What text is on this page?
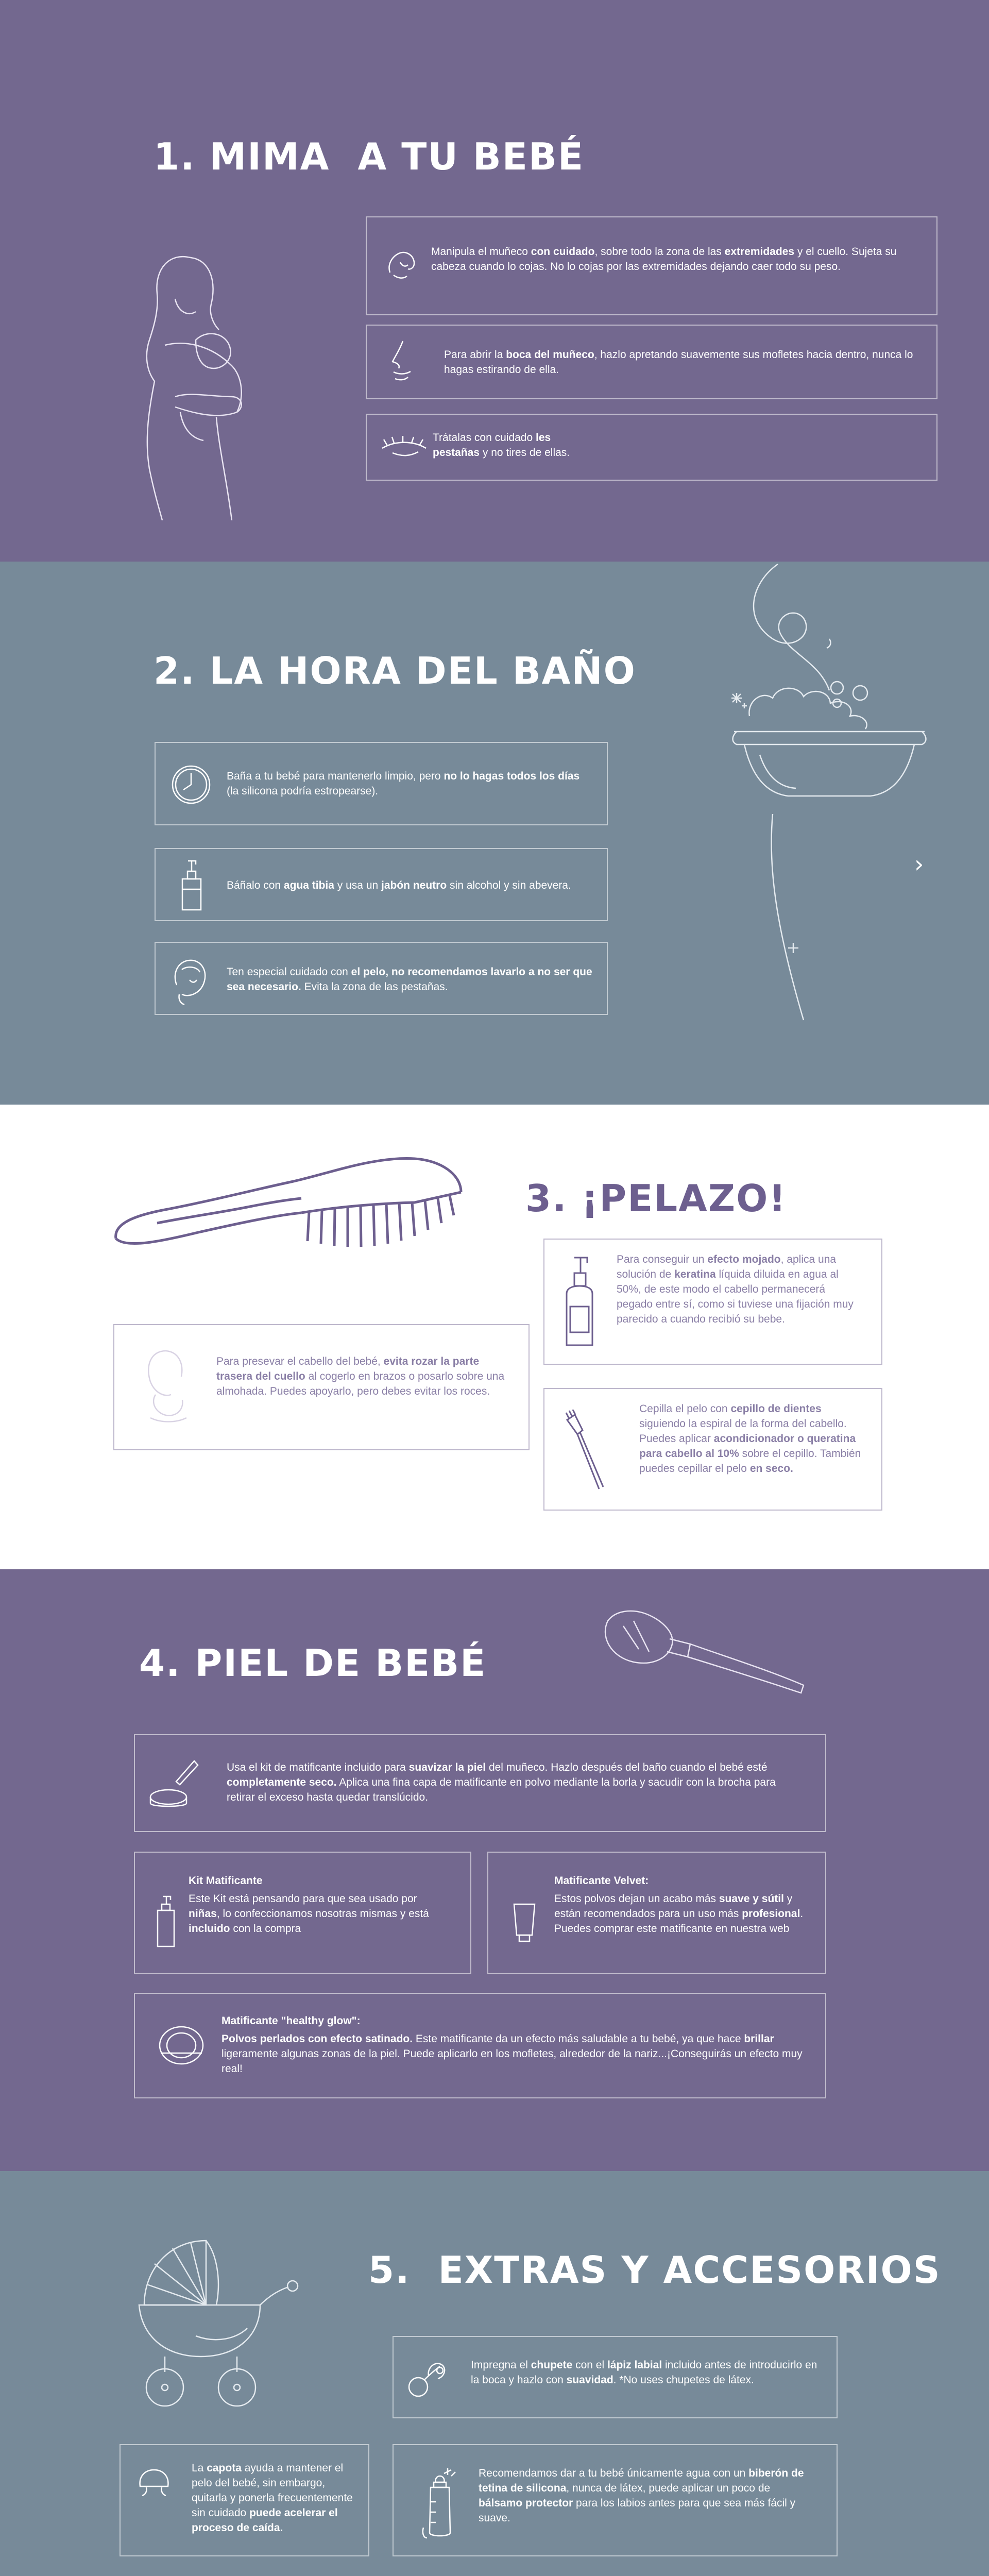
1. MIMA  A TU BEBÉ
Manipula el muñeco con cuidado, sobre todo la zona de las extremidades y el cuello. Sujeta su cabeza cuando lo cojas. No lo cojas por las extremidades dejando caer todo su peso.
Para abrir la boca del muñeco, hazlo apretando suavemente sus mofletes hacia dentro, nunca lo hagas estirando de ella.
Trátalas con cuidado les pestañas y no tires de ellas.
2. LA HORA DEL BAÑO
›
Baña a tu bebé para mantenerlo limpio, pero no lo hagas todos los días (la silicona podría estropearse).
Báñalo con agua tibia y usa un jabón neutro sin alcohol y sin abevera.
Ten especial cuidado con el pelo, no recomendamos lavarlo a no ser que sea necesario. Evita la zona de las pestañas.
3. ¡PELAZO!
Para conseguir un efecto mojado, aplica una solución de keratina líquida diluida en agua al 50%, de este modo el cabello permanecerá pegado entre sí, como si tuviese una fijación muy parecido a cuando recibió su bebe.
Para presevar el cabello del bebé, evita rozar la parte trasera del cuello al cogerlo en brazos o posarlo sobre una almohada. Puedes apoyarlo, pero debes evitar los roces.
Cepilla el pelo con cepillo de dientes siguiendo la espiral de la forma del cabello. Puedes aplicar acondicionador o queratina para cabello al 10% sobre el cepillo. También puedes cepillar el pelo en seco.
4. PIEL DE BEBÉ
Usa el kit de matificante incluido para suavizar la piel del muñeco. Hazlo después del baño cuando el bebé esté completamente seco. Aplica una fina capa de matificante en polvo mediante la borla y sacudir con la brocha para retirar el exceso hasta quedar translúcido.
Kit Matificante
Este Kit está pensando para que sea usado por niñas, lo confeccionamos nosotras mismas y está incluido con la compra
Matificante Velvet:
Estos polvos dejan un acabo más suave y sútil y están recomendados para un uso más profesional. Puedes comprar este matificante en nuestra web
Matificante "healthy glow":
Polvos perlados con efecto satinado. Este matificante da un efecto más saludable a tu bebé, ya que hace brillar ligeramente algunas zonas de la piel. Puede aplicarlo en los mofletes, alrededor de la nariz...¡Conseguirás un efecto muy real!
5.  EXTRAS Y ACCESORIOS
Impregna el chupete con el lápiz labial incluido antes de introducirlo en la boca y hazlo con suavidad. *No uses chupetes de látex.
La capota ayuda a mantener el pelo del bebé, sin embargo, quitarla y ponerla frecuentemente sin cuidado puede acelerar el proceso de caída.
Recomendamos dar a tu bebé únicamente agua con un biberón de tetina de silicona, nunca de látex, puede aplicar un poco de bálsamo protector para los labios antes para que sea más fácil y suave.
